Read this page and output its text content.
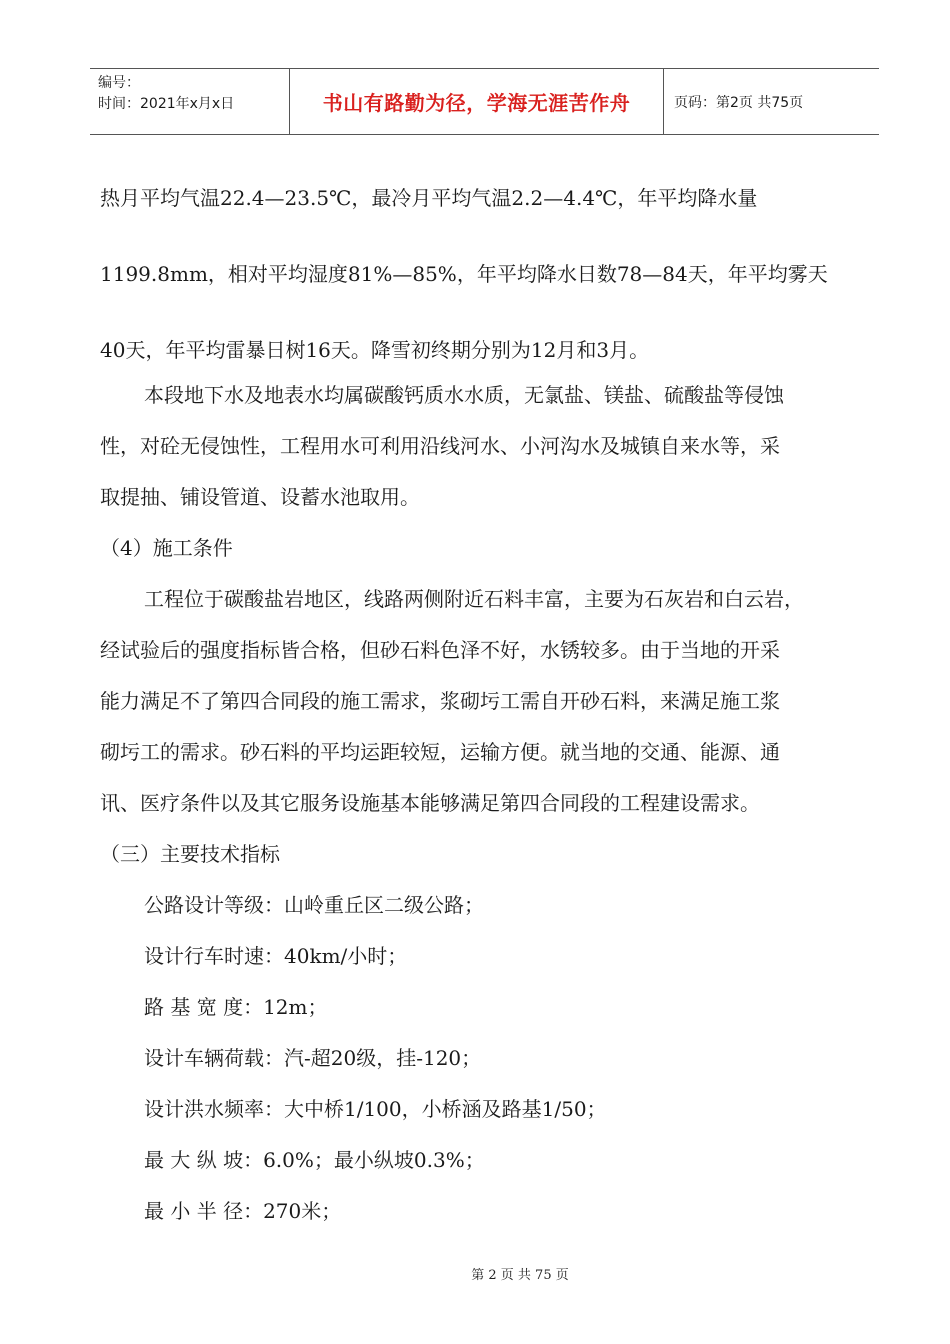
编号：
时间：2021年x月x日	书山有路勤为径，学海无涯苦作舟	页码：第2页 共75页
热月平均气温22.4—23.5℃，最冷月平均气温2.2—4.4℃，年平均降水量
1199.8mm，相对平均湿度81%—85%，年平均降水日数78—84天，年平均雾天
40天，年平均雷暴日树16天。降雪初终期分别为12月和3月。
本段地下水及地表水均属碳酸钙质水水质，无氯盐、镁盐、硫酸盐等侵蚀
性，对砼无侵蚀性，工程用水可利用沿线河水、小河沟水及城镇自来水等，采
取提抽、铺设管道、设蓄水池取用。
（4）施工条件
工程位于碳酸盐岩地区，线路两侧附近石料丰富，主要为石灰岩和白云岩，
经试验后的强度指标皆合格，但砂石料色泽不好，水锈较多。由于当地的开采
能力满足不了第四合同段的施工需求，浆砌圬工需自开砂石料，来满足施工浆
砌圬工的需求。砂石料的平均运距较短，运输方便。就当地的交通、能源、通
讯、医疗条件以及其它服务设施基本能够满足第四合同段的工程建设需求。
（三）主要技术指标
公路设计等级：山岭重丘区二级公路；
设计行车时速：40km/小时；
路 基 宽 度：12m；
设计车辆荷载：汽-超20级，挂-120；
设计洪水频率：大中桥1/100，小桥涵及路基1/50；
最 大 纵 坡：6.0%；最小纵坡0.3%；
最 小 半 径：270米；
第 2 页 共 75 页
